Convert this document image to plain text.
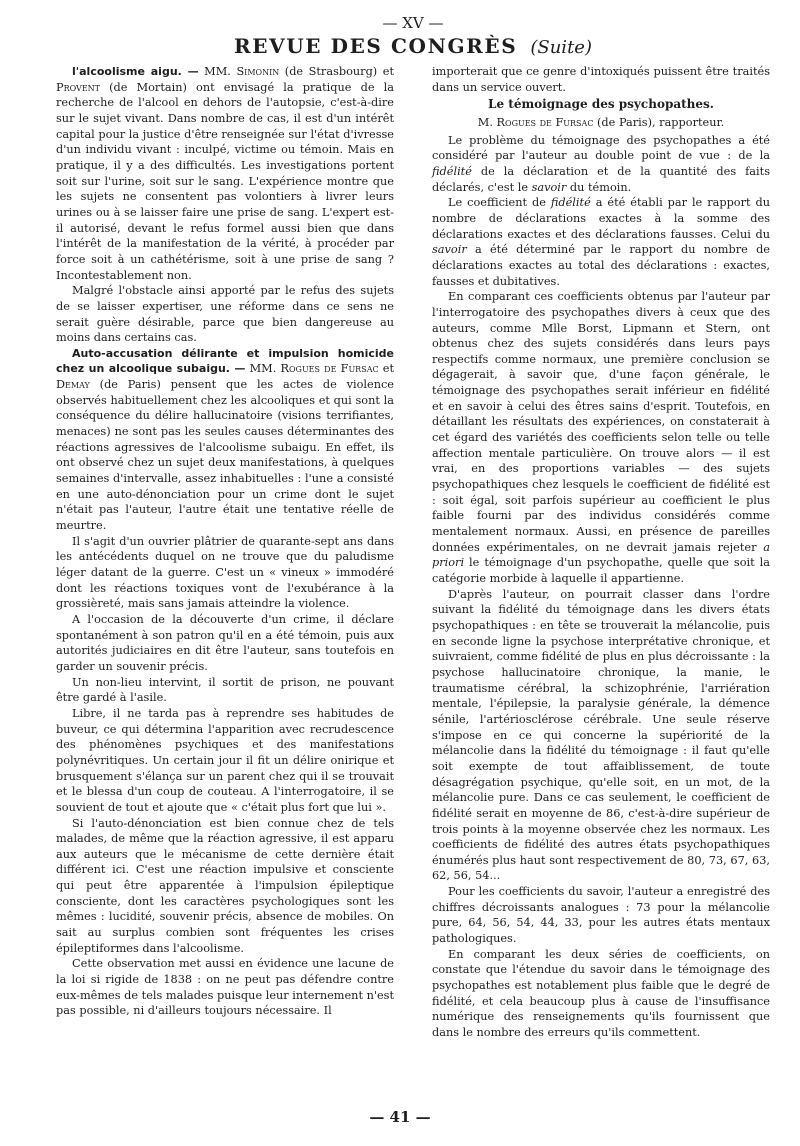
— XV —
REVUE DES CONGRÈS (Suite)

l'alcoolisme aigu. — MM. Simonin (de Strasbourg) et Provent (de Mortain) ont envisagé la pratique de la recherche de l'alcool en dehors de l'autopsie, c'est-à-dire sur le sujet vivant. Dans nombre de cas, il est d'un intérêt capital pour la justice d'être renseignée sur l'état d'ivresse d'un individu vivant : inculpé, victime ou témoin. Mais en pratique, il y a des difficultés. Les investigations portent soit sur l'urine, soit sur le sang. L'expérience montre que les sujets ne consentent pas volontiers à livrer leurs urines ou à se laisser faire une prise de sang. L'expert est-il autorisé, devant le refus formel aussi bien que dans l'intérêt de la manifestation de la vérité, à procéder par force soit à un cathétérisme, soit à une prise de sang ? Incontestablement non.

Malgré l'obstacle ainsi apporté par le refus des sujets de se laisser expertiser, une réforme dans ce sens ne serait guère désirable, parce que bien dangereuse au moins dans certains cas.

Auto-accusation délirante et impulsion homicide chez un alcoolique subaigu. — MM. Rogues de Fursac et Demay (de Paris) pensent que les actes de violence observés habituellement chez les alcooliques et qui sont la conséquence du délire hallucinatoire (visions terrifiantes, menaces) ne sont pas les seules causes déterminantes des réactions agressives de l'alcoolisme subaigu. En effet, ils ont observé chez un sujet deux manifestations, à quelques semaines d'intervalle, assez inhabituelles : l'une a consisté en une auto-dénonciation pour un crime dont le sujet n'était pas l'auteur, l'autre était une tentative réelle de meurtre.

Il s'agit d'un ouvrier plâtrier de quarante-sept ans dans les antécédents duquel on ne trouve que du paludisme léger datant de la guerre. C'est un « vineux » immodéré dont les réactions toxiques vont de l'exubérance à la grossièreté, mais sans jamais atteindre la violence.

A l'occasion de la découverte d'un crime, il déclare spontanément à son patron qu'il en a été témoin, puis aux autorités judiciaires en dit être l'auteur, sans toutefois en garder un souvenir précis.

Un non-lieu intervint, il sortit de prison, ne pouvant être gardé à l'asile.

Libre, il ne tarda pas à reprendre ses habitudes de buveur, ce qui détermina l'apparition avec recrudescence des phénomènes psychiques et des manifestations polynévritiques. Un certain jour il fit un délire onirique et brusquement s'élança sur un parent chez qui il se trouvait et le blessa d'un coup de couteau. A l'interrogatoire, il se souvient de tout et ajoute que « c'était plus fort que lui ».

Si l'auto-dénonciation est bien connue chez de tels malades, de même que la réaction agressive, il est apparu aux auteurs que le mécanisme de cette dernière était différent ici. C'est une réaction impulsive et consciente qui peut être apparentée à l'impulsion épileptique consciente, dont les caractères psychologiques sont les mêmes : lucidité, souvenir précis, absence de mobiles. On sait au surplus combien sont fréquentes les crises épileptiformes dans l'alcoolisme.

Cette observation met aussi en évidence une lacune de la loi si rigide de 1838 : on ne peut pas défendre contre eux-mêmes de tels malades puisque leur internement n'est pas possible, ni d'ailleurs toujours nécessaire. Il

importerait que ce genre d'intoxiqués puissent être traités dans un service ouvert.

Le témoignage des psychopathes.

M. Rogues de Fursac (de Paris), rapporteur.

Le problème du témoignage des psychopathes a été considéré par l'auteur au double point de vue : de la fidélité de la déclaration et de la quantité des faits déclarés, c'est le savoir du témoin.

Le coefficient de fidélité a été établi par le rapport du nombre de déclarations exactes à la somme des déclarations exactes et des déclarations fausses. Celui du savoir a été déterminé par le rapport du nombre de déclarations exactes au total des déclarations : exactes, fausses et dubitatives.

En comparant ces coefficients obtenus par l'auteur par l'interrogatoire des psychopathes divers à ceux que des auteurs, comme Mlle Borst, Lipmann et Stern, ont obtenus chez des sujets considérés dans leurs pays respectifs comme normaux, une première conclusion se dégagerait, à savoir que, d'une façon générale, le témoignage des psychopathes serait inférieur en fidélité et en savoir à celui des êtres sains d'esprit. Toutefois, en détaillant les résultats des expériences, on constaterait à cet égard des variétés des coefficients selon telle ou telle affection mentale particulière. On trouve alors — il est vrai, en des proportions variables — des sujets psychopathiques chez lesquels le coefficient de fidélité est : soit égal, soit parfois supérieur au coefficient le plus faible fourni par des individus considérés comme mentalement normaux. Aussi, en présence de pareilles données expérimentales, on ne devrait jamais rejeter a priori le témoignage d'un psychopathe, quelle que soit la catégorie morbide à laquelle il appartienne.

D'après l'auteur, on pourrait classer dans l'ordre suivant la fidélité du témoignage dans les divers états psychopathiques : en tête se trouverait la mélancolie, puis en seconde ligne la psychose interprétative chronique, et suivraient, comme fidélité de plus en plus décroissante : la psychose hallucinatoire chronique, la manie, le traumatisme cérébral, la schizophrénie, l'arriération mentale, l'épilepsie, la paralysie générale, la démence sénile, l'artériosclérose cérébrale. Une seule réserve s'impose en ce qui concerne la supériorité de la mélancolie dans la fidélité du témoignage : il faut qu'elle soit exempte de tout affaiblissement, de toute désagrégation psychique, qu'elle soit, en un mot, de la mélancolie pure. Dans ce cas seulement, le coefficient de fidélité serait en moyenne de 86, c'est-à-dire supérieur de trois points à la moyenne observée chez les normaux. Les coefficients de fidélité des autres états psychopathiques énumérés plus haut sont respectivement de 80, 73, 67, 63, 62, 56, 54...

Pour les coefficients du savoir, l'auteur a enregistré des chiffres décroissants analogues : 73 pour la mélancolie pure, 64, 56, 54, 44, 33, pour les autres états mentaux pathologiques.

En comparant les deux séries de coefficients, on constate que l'étendue du savoir dans le témoignage des psychopathes est notablement plus faible que le degré de fidélité, et cela beaucoup plus à cause de l'insuffisance numérique des renseignements qu'ils fournissent que dans le nombre des erreurs qu'ils commettent.

— 41 —
